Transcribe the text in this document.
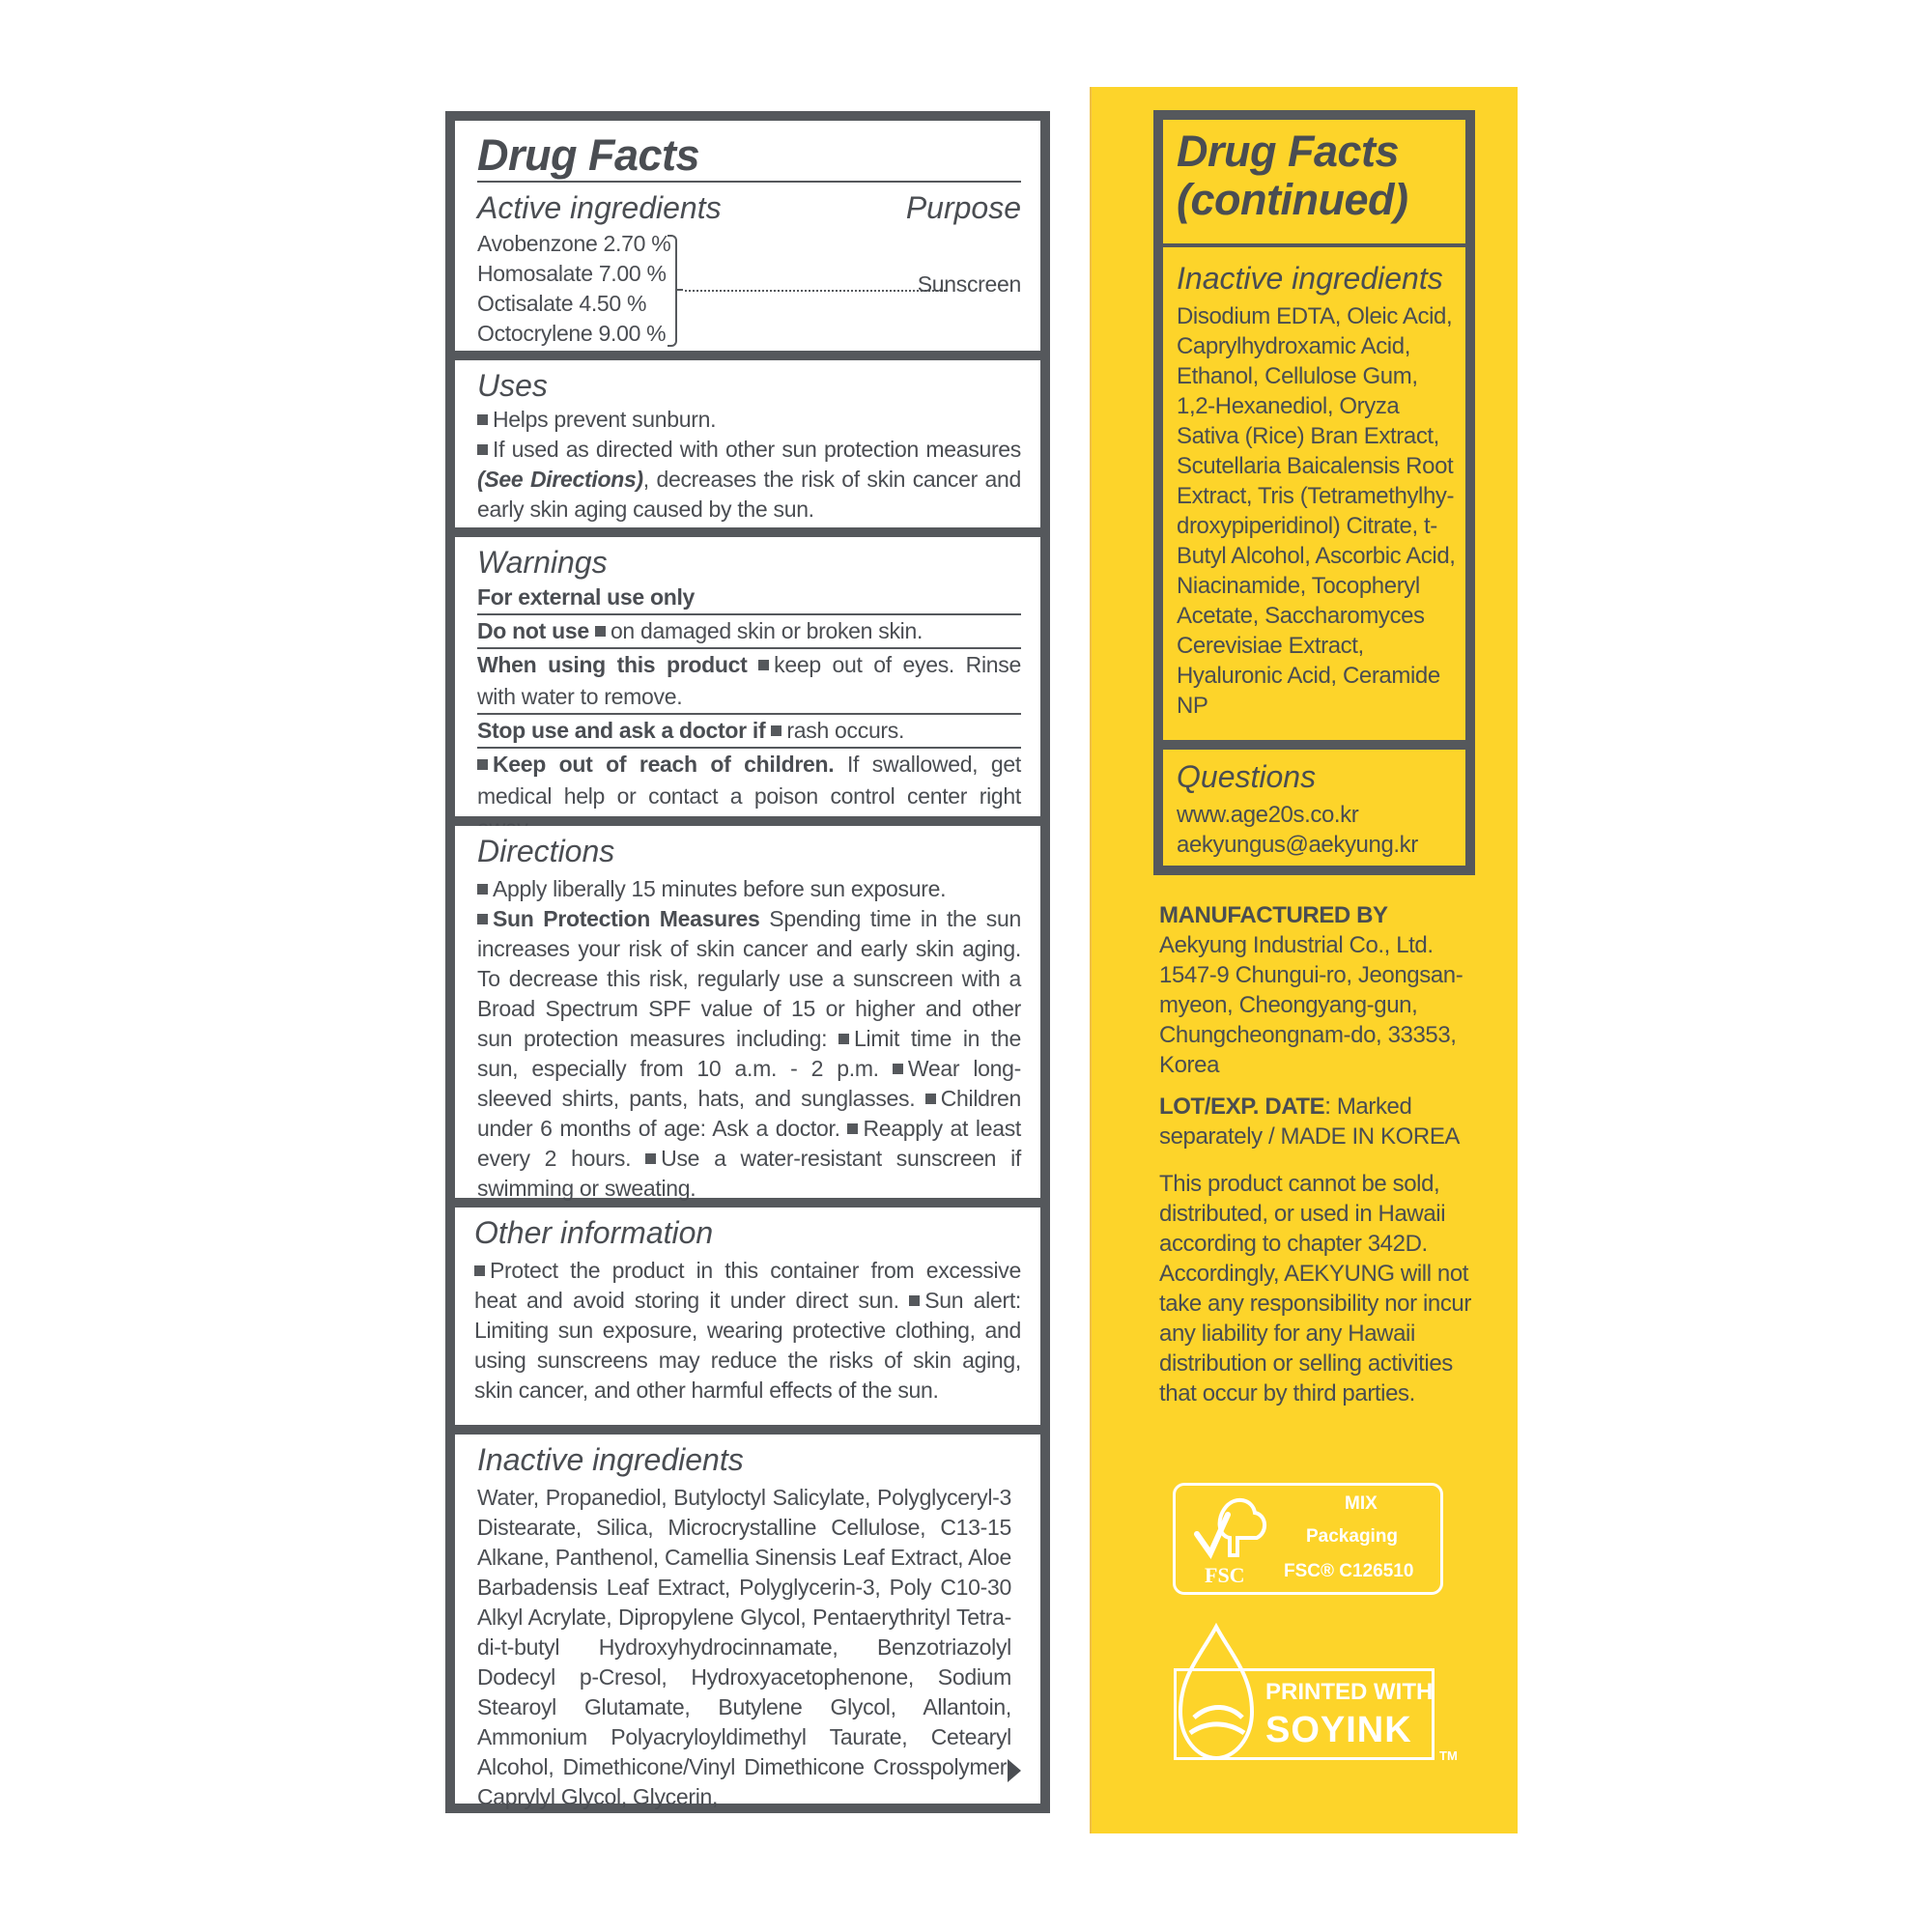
Drug Facts
Active ingredients	Purpose
Avobenzone 2.70 %
Homosalate 7.00 %
Octisalate 4.50 %
Octocrylene 9.00 %
Sunscreen
Uses

Helps prevent sunburn.

If used as directed with other sun protection measures (See Directions), decreases the risk of skin cancer and early skin aging caused by the sun.

Warnings

For external use only

Do not use on damaged skin or broken skin.

When using this product keep out of eyes. Rinse with water to remove.

Stop use and ask a doctor if rash occurs.

Keep out of reach of children. If swallowed, get medical help or contact a poison control center right

Directions

Apply liberally 15 minutes before sun exposure.
Sun Protection Measures Spending time in the sun increases your risk of skin cancer and early skin aging. To decrease this risk, regularly use a sunscreen with a Broad Spectrum SPF value of 15 or higher and other sun protection measures including: Limit time in the sun, especially from 10 a.m. - 2 p.m. Wear long-sleeved shirts, pants, hats, and sunglasses. Children under 6 months of age: Ask a doctor. Reapply at least every 2 hours. Use a water-resistant sunscreen if swimming or sweating.

Other information

Protect the product in this container from excessive heat and avoid storing it under direct sun. Sun alert: Limiting sun exposure, wearing protective clothing, and using sunscreens may reduce the risks of skin aging, skin cancer, and other harmful effects of the sun.

Inactive ingredients

Water, Propanediol, Butyloctyl Salicylate, Polyglyceryl-3 Distearate, Silica, Microcrystalline Cellulose, C13-15 Alkane, Panthenol, Camellia Sinensis Leaf Extract, Aloe Barbadensis Leaf Extract, Polyglycerin-3, Poly C10-30 Alkyl Acrylate, Dipropylene Glycol, Pentaerythrityl Tetra-di-t-butyl Hydroxyhydrocinnamate, Benzotriazolyl Dodecyl p-Cresol, Hydroxyacetophenone, Sodium Stearoyl Glutamate, Butylene Glycol, Allantoin, Ammonium Polyacryloyldimethyl Taurate, Cetearyl Alcohol, Dimethicone/Vinyl Dimethicone Crosspolymer, Caprylyl Glycol, Glycerin,

Drug Facts
(continued)
Inactive ingredients

Disodium EDTA, Oleic Acid, Caprylhydroxamic Acid, Ethanol, Cellulose Gum, 1,2-Hexanediol, Oryza Sativa (Rice) Bran Extract, Scutellaria Baicalensis Root Extract, Tris (Tetramethylhy-droxypiperidinol) Citrate, t-Butyl Alcohol, Ascorbic Acid, Niacinamide, Tocopheryl Acetate, Saccharomyces Cerevisiae Extract, Hyaluronic Acid, Ceramide NP

Questions

www.age20s.co.kr

aekyungus@aekyung.kr

MANUFACTURED BY
Aekyung Industrial Co., Ltd. 1547-9 Chungui-ro, Jeongsan-myeon, Cheongyang-gun, Chungcheongnam-do, 33353, Korea
LOT/EXP. DATE: Marked separately / MADE IN KOREA
This product cannot be sold, distributed, or used in Hawaii according to chapter 342D. Accordingly, AEKYUNG will not take any responsibility nor incur any liability for any Hawaii distribution or selling activities that occur by third parties.
FSC
MIX
Packaging
FSC® C126510
PRINTED WITH
SOYINK
TM
